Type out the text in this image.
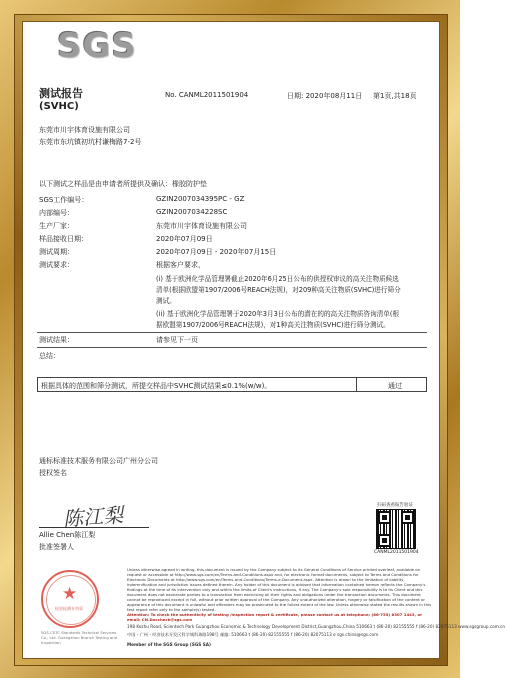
SGS
测试报告
(SVHC)
No. CANML2011501904	日期: 2020年08月11日 第1页,共18页
东莞市川宇体育设施有限公司
东莞市东坑镇初坑村谦梅路7-2号
以下测试之样品是由申请者所提供及确认：橡胶防护垫
SGS工作编号：	GZIN2007034395PC - GZ
内部编号：	GZIN2007034228SC
生产厂家：	东莞市川宇体育设施有限公司
样品接收日期：	2020年07月09日
测试周期：	2020年07月09日 - 2020年07月15日
测试要求：	根据客户要求，
(i) 基于欧洲化学品管理署截止2020年6月25日公布的供授权审议的高关注物质候选
清单(根据欧盟第1907/2006号REACH法规)，对209种高关注物质(SVHC)进行筛分
测试。
(ii) 基于欧洲化学品管理署于2020年3月3日公布的潜在的的高关注物质咨询清单(根
据欧盟第1907/2006号REACH法规)，对1种高关注物质(SVHC)进行筛分测试。
测试结果：	请参见下一页
总结：
根据具体的范围和筛分测试，所提交样品中SVHC测试结果≤0.1%(w/w)。	通过
通标标准技术服务有限公司广州分公司
授权签名
陈江梨
Allie Chen陈江梨
批准签署人
扫码查看报告验证
CANML2011501904
★
检验检测专用章
Unless otherwise agreed in writing, this document is issued by the Company subject to its General Conditions of Service printed overleaf, available on request or accessible at http://www.sgs.com/en/Terms-and-Conditions.aspx and, for electronic format documents, subject to Terms and Conditions for Electronic Documents at http://www.sgs.com/en/Terms-and-Conditions/Terms-e-Document.aspx. Attention is drawn to the limitation of liability, indemnification and jurisdiction issues defined therein. Any holder of this document is advised that information contained hereon reflects the Company's findings at the time of its intervention only and within the limits of Client's instructions, if any. The Company's sole responsibility is to its Client and this document does not exonerate parties to a transaction from exercising all their rights and obligations under the transaction documents. This document cannot be reproduced except in full, without prior written approval of the Company. Any unauthorized alteration, forgery or falsification of the content or appearance of this document is unlawful and offenders may be prosecuted to the fullest extent of the law. Unless otherwise stated the results shown in this test report refer only to the sample(s) tested.
Attention: To check the authenticity of testing /inspection report & certificate, please contact us at telephone: (86-755) 8307 1443, or email: CN.Doccheck@sgs.com
198 Kezhu Road, Scientech Park Guangzhou Economic & Technology Development District,Guangzhou,China 510663 t (86-20) 82155555 f (86-20) 82075113 www.sgsgroup.com.cn
中国・广州・经济技术开发区科学城科珠路198号 邮编: 510663 t (86-20) 82155555 f (86-20) 82075113 e sgs.china@sgs.com
Member of the SGS Group (SGS SA)
SGS-CSTC Standards Technical Services Co., Ltd. Guangzhou Branch Testing and Inspection
